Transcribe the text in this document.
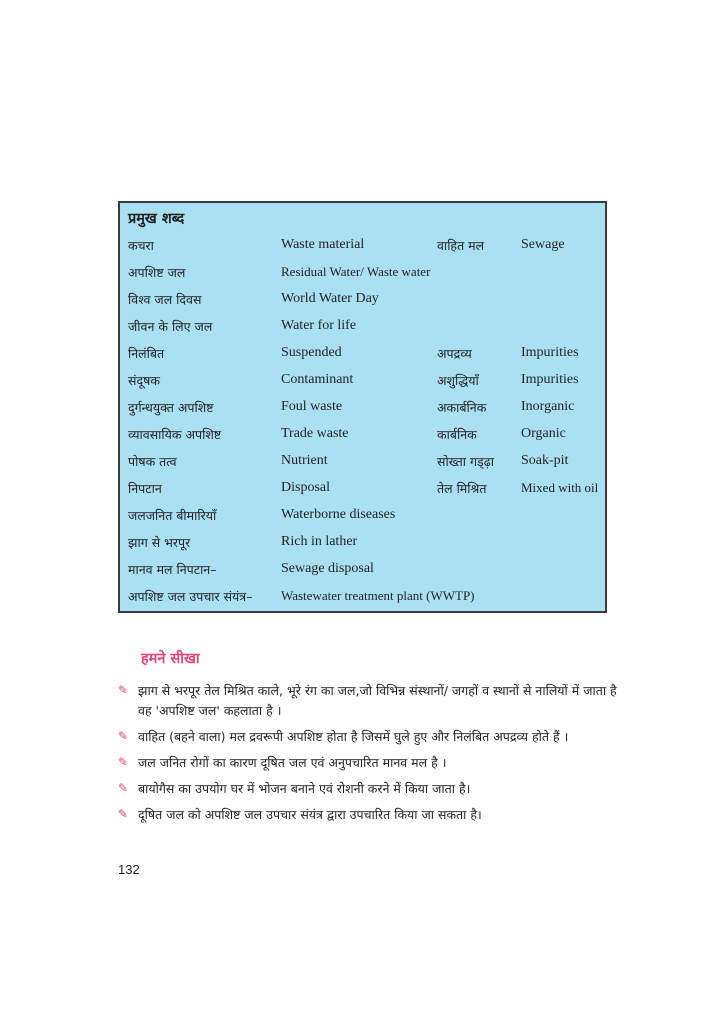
प्रमुख शब्द
कचरा	Waste material	वाहित मल	Sewage
अपशिष्ट जल	Residual Water/ Waste water
विश्व जल दिवस	World Water Day
जीवन के लिए जल	Water for life
निलंबित	Suspended	अपद्रव्य	Impurities
संदूषक	Contaminant	अशुद्धियाँ	Impurities
दुर्गन्धयुक्त अपशिष्ट	Foul waste	अकार्बनिक Inorganic
व्यावसायिक अपशिष्ट	Trade waste	कार्बनिक	Organic
पोषक तत्व	Nutrient	सोख्ता गड्ढ़ा Soak-pit
निपटान	Disposal	तेल मिश्रित	Mixed with oil
जलजनित बीमारियाँ	Waterborne diseases
झाग से भरपूर	Rich in lather
मानव मल निपटान–	Sewage disposal
अपशिष्ट जल उपचार संयंत्र– Wastewater treatment plant (WWTP)
हमने सीखा
✎ झाग से भरपूर तेल मिश्रित काले, भूरे रंग का जल,जो विभिन्न संस्थानों/ जगहों व स्थानों से नालियों में जाता है वह 'अपशिष्ट जल' कहलाता है ।
✎ वाहित (बहने वाला) मल द्रवरूपी अपशिष्ट होता है जिसमें घुले हुए और निलंबित अपद्रव्य होते हैं ।
✎ जल जनित रोगों का कारण दूषित जल एवं अनुपचारित मानव मल है ।
✎ बायोगैस का उपयोग घर में भोजन बनाने एवं रोशनी करने में किया जाता है।
✎ दूषित जल को अपशिष्ट जल उपचार संयंत्र द्वारा उपचारित किया जा सकता है।
132
